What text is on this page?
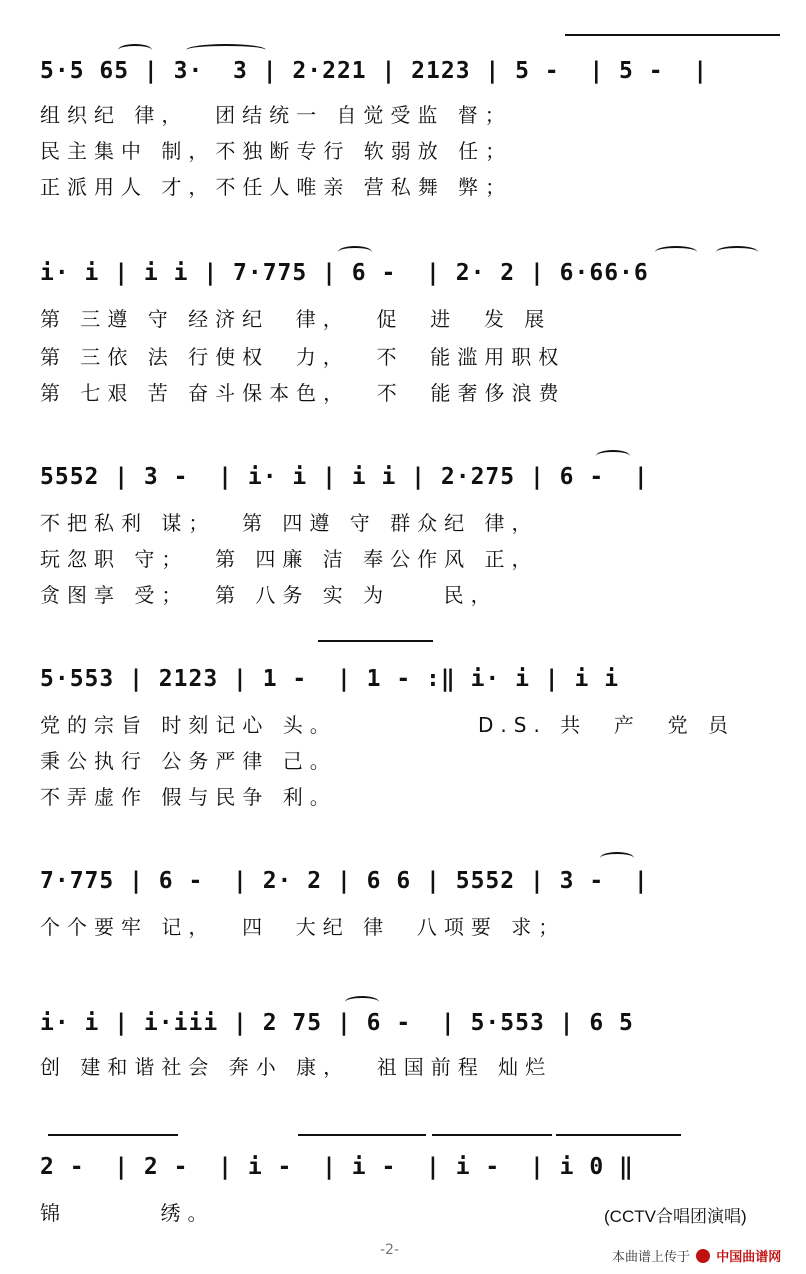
5·5 65 | 3·  3 | 2·221 | 2123 | 5 -  | 5 -  |
组织纪 律，  团结统一 自觉受监 督；
民主集中 制，不独断专行 软弱放 任；
正派用人 才，不任人唯亲 营私舞 弊；
i· i | i i | 7·775 | 6 -  | 2· 2 | 6·66·6
第 三遵 守 经济纪  律，  促  进  发 展
第 三依 法 行使权  力，  不  能滥用职权
第 七艰 苦 奋斗保本色，  不  能奢侈浪费
5552 | 3 -  | i· i | i i | 2·275 | 6 -  |
不把私利 谋；  第 四遵 守 群众纪 律，
玩忽职 守；  第 四廉 洁 奉公作风 正，
贪图享 受；  第 八务 实 为    民，
5·553 | 2123 | 1 -  | 1 - :‖ i· i | i i
党的宗旨 时刻记心 头。	D.S. 共  产  党 员
秉公执行 公务严律 己。
不弄虚作 假与民争 利。
7·775 | 6 -  | 2· 2 | 6 6 | 5552 | 3 -  |
个个要牢 记，  四  大纪 律  八项要 求；
i· i | i·iii | 2 75 | 6 -  | 5·553 | 6 5
创 建和谐社会 奔小 康，  祖国前程 灿烂
2 -  | 2 -  | i -  | i -  | i -  | i 0 ‖
锦       绣。	(CCTV合唱团演唱)
-2-	本曲谱上传于 中国曲谱网
